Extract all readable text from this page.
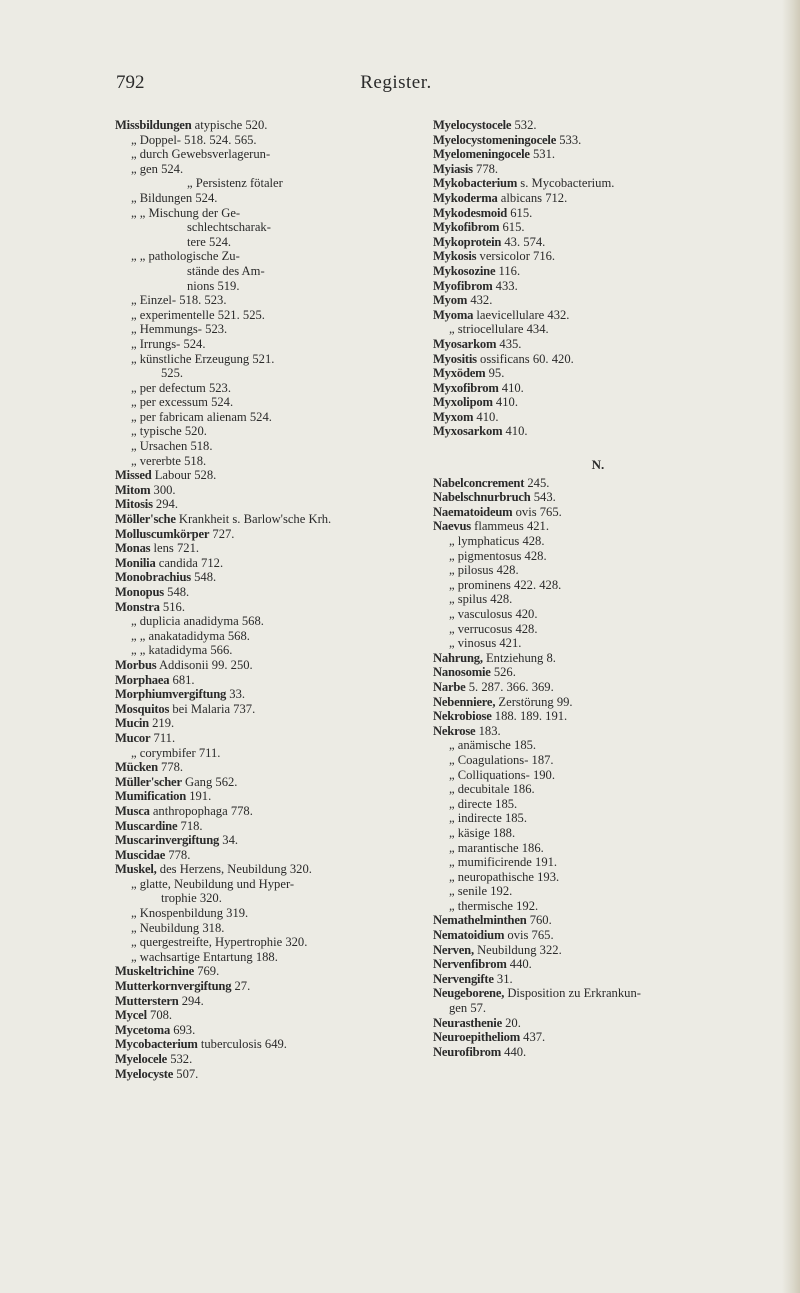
792	Register.
Missbildungen atypische 520.
„ Doppel- 518. 524. 565.
„ durch Gewebsverlagerun-
„ gen 524.
„ Persistenz fötaler
„ Bildungen 524.
„ „ Mischung der Ge-
schlechtscharak-
tere 524.
„ „ pathologische Zu-
stände des Am-
nions 519.
„ Einzel- 518. 523.
„ experimentelle 521. 525.
„ Hemmungs- 523.
„ Irrungs- 524.
„ künstliche Erzeugung 521.
525.
„ per defectum 523.
„ per excessum 524.
„ per fabricam alienam 524.
„ typische 520.
„ Ursachen 518.
„ vererbte 518.
Missed Labour 528.
Mitom 300.
Mitosis 294.
Möller'sche Krankheit s. Barlow'sche Krh.
Molluscumkörper 727.
Monas lens 721.
Monilia candida 712.
Monobrachius 548.
Monopus 548.
Monstra 516.
„ duplicia anadidyma 568.
„ „ anakatadidyma 568.
„ „ katadidyma 566.
Morbus Addisonii 99. 250.
Morphaea 681.
Morphiumvergiftung 33.
Mosquitos bei Malaria 737.
Mucin 219.
Mucor 711.
„ corymbifer 711.
Mücken 778.
Müller'scher Gang 562.
Mumification 191.
Musca anthropophaga 778.
Muscardine 718.
Muscarinvergiftung 34.
Muscidae 778.
Muskel, des Herzens, Neubildung 320.
„ glatte, Neubildung und Hyper-
trophie 320.
„ Knospenbildung 319.
„ Neubildung 318.
„ quergestreifte, Hypertrophie 320.
„ wachsartige Entartung 188.
Muskeltrichine 769.
Mutterkornvergiftung 27.
Mutterstern 294.
Mycel 708.
Mycetoma 693.
Mycobacterium tuberculosis 649.
Myelocele 532.
Myelocyste 507.
Myelocystocele 532.
Myelocystomeningocele 533.
Myelomeningocele 531.
Myiasis 778.
Mykobacterium s. Mycobacterium.
Mykoderma albicans 712.
Mykodesmoid 615.
Mykofibrom 615.
Mykoprotein 43. 574.
Mykosis versicolor 716.
Mykosozine 116.
Myofibrom 433.
Myom 432.
Myoma laevicellulare 432.
„ striocellulare 434.
Myosarkom 435.
Myositis ossificans 60. 420.
Myxödem 95.
Myxofibrom 410.
Myxolipom 410.
Myxom 410.
Myxosarkom 410.
N.
Nabelconcrement 245.
Nabelschnurbruch 543.
Naematoideum ovis 765.
Naevus flammeus 421.
„ lymphaticus 428.
„ pigmentosus 428.
„ pilosus 428.
„ prominens 422. 428.
„ spilus 428.
„ vasculosus 420.
„ verrucosus 428.
„ vinosus 421.
Nahrung, Entziehung 8.
Nanosomie 526.
Narbe 5. 287. 366. 369.
Nebenniere, Zerstörung 99.
Nekrobiose 188. 189. 191.
Nekrose 183.
„ anämische 185.
„ Coagulations- 187.
„ Colliquations- 190.
„ decubitale 186.
„ directe 185.
„ indirecte 185.
„ käsige 188.
„ marantische 186.
„ mumificirende 191.
„ neuropathische 193.
„ senile 192.
„ thermische 192.
Nemathelminthen 760.
Nematoidium ovis 765.
Nerven, Neubildung 322.
Nervenfibrom 440.
Nervengifte 31.
Neugeborene, Disposition zu Erkrankun-
gen 57.
Neurasthenie 20.
Neuroepitheliom 437.
Neurofibrom 440.
